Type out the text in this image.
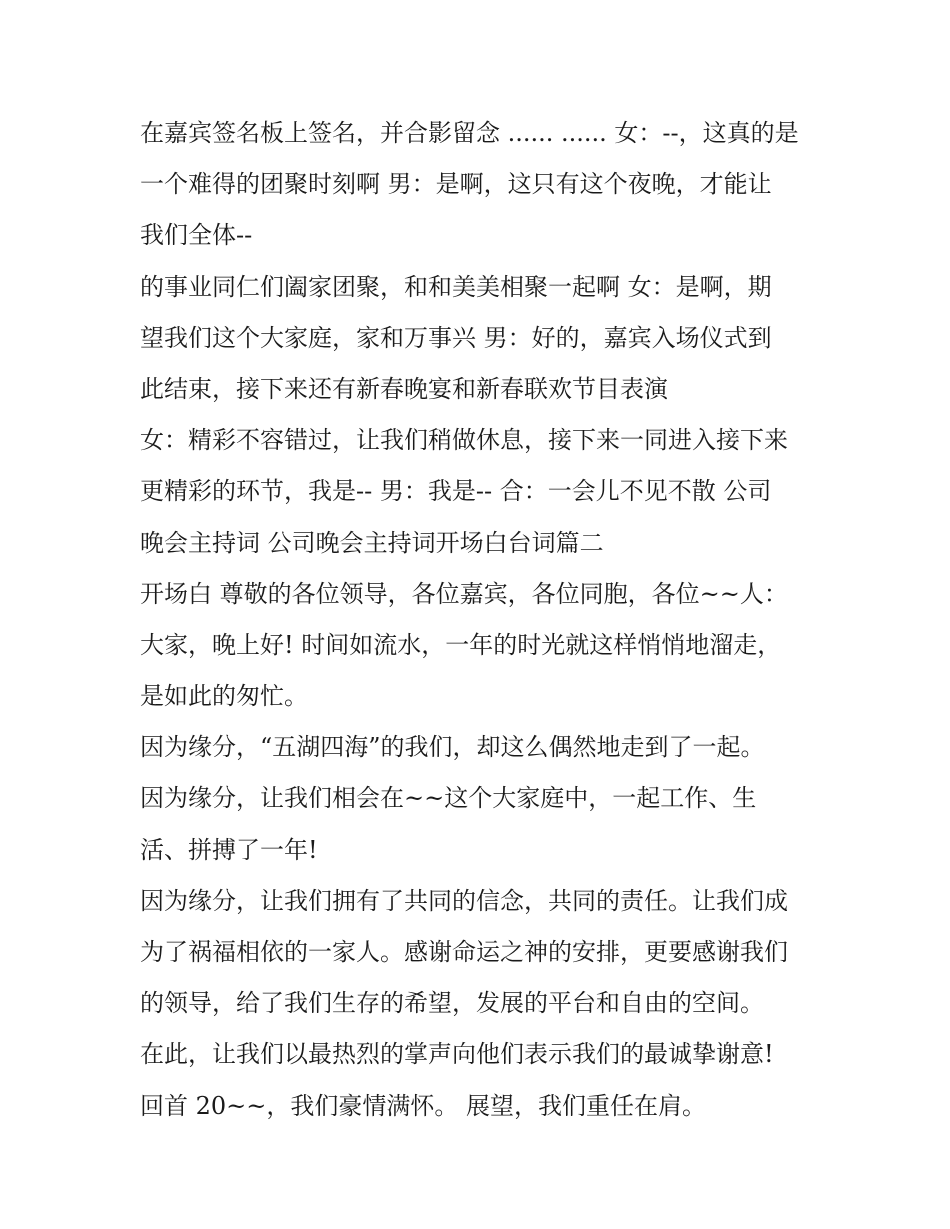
在嘉宾签名板上签名，并合影留念 ...... ...... 女：--，这真的是
一个难得的团聚时刻啊 男：是啊，这只有这个夜晚，才能让
我们全体--
的事业同仁们阖家团聚，和和美美相聚一起啊 女：是啊，期
望我们这个大家庭，家和万事兴 男：好的，嘉宾入场仪式到
此结束，接下来还有新春晚宴和新春联欢节目表演
女：精彩不容错过，让我们稍做休息，接下来一同进入接下来
更精彩的环节，我是-- 男：我是-- 合：一会儿不见不散 公司
晚会主持词 公司晚会主持词开场白台词篇二
开场白 尊敬的各位领导，各位嘉宾，各位同胞，各位~~人：
大家，晚上好! 时间如流水，一年的时光就这样悄悄地溜走，
是如此的匆忙。
因为缘分，“五湖四海”的我们，却这么偶然地走到了一起。
因为缘分，让我们相会在~~这个大家庭中，一起工作、生
活、拼搏了一年!
因为缘分，让我们拥有了共同的信念，共同的责任。让我们成
为了祸福相依的一家人。感谢命运之神的安排，更要感谢我们
的领导，给了我们生存的希望，发展的平台和自由的空间。
在此，让我们以最热烈的掌声向他们表示我们的最诚挚谢意!
回首 20~~，我们豪情满怀。 展望，我们重任在肩。
